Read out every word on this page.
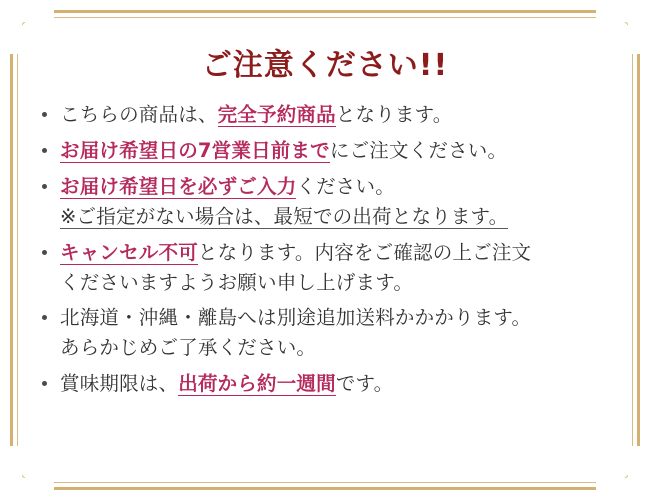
ご注意ください!!
こちらの商品は、完全予約商品となります。
お届け希望日の7営業日前までにご注文ください。
お届け希望日を必ずご入力ください。
※ご指定がない場合は、最短での出荷となります。
キャンセル不可となります。内容をご確認の上ご注文
くださいますようお願い申し上げます。
北海道・沖縄・離島へは別途追加送料かかかります。
あらかじめご了承ください。
賞味期限は、出荷から約一週間です。
